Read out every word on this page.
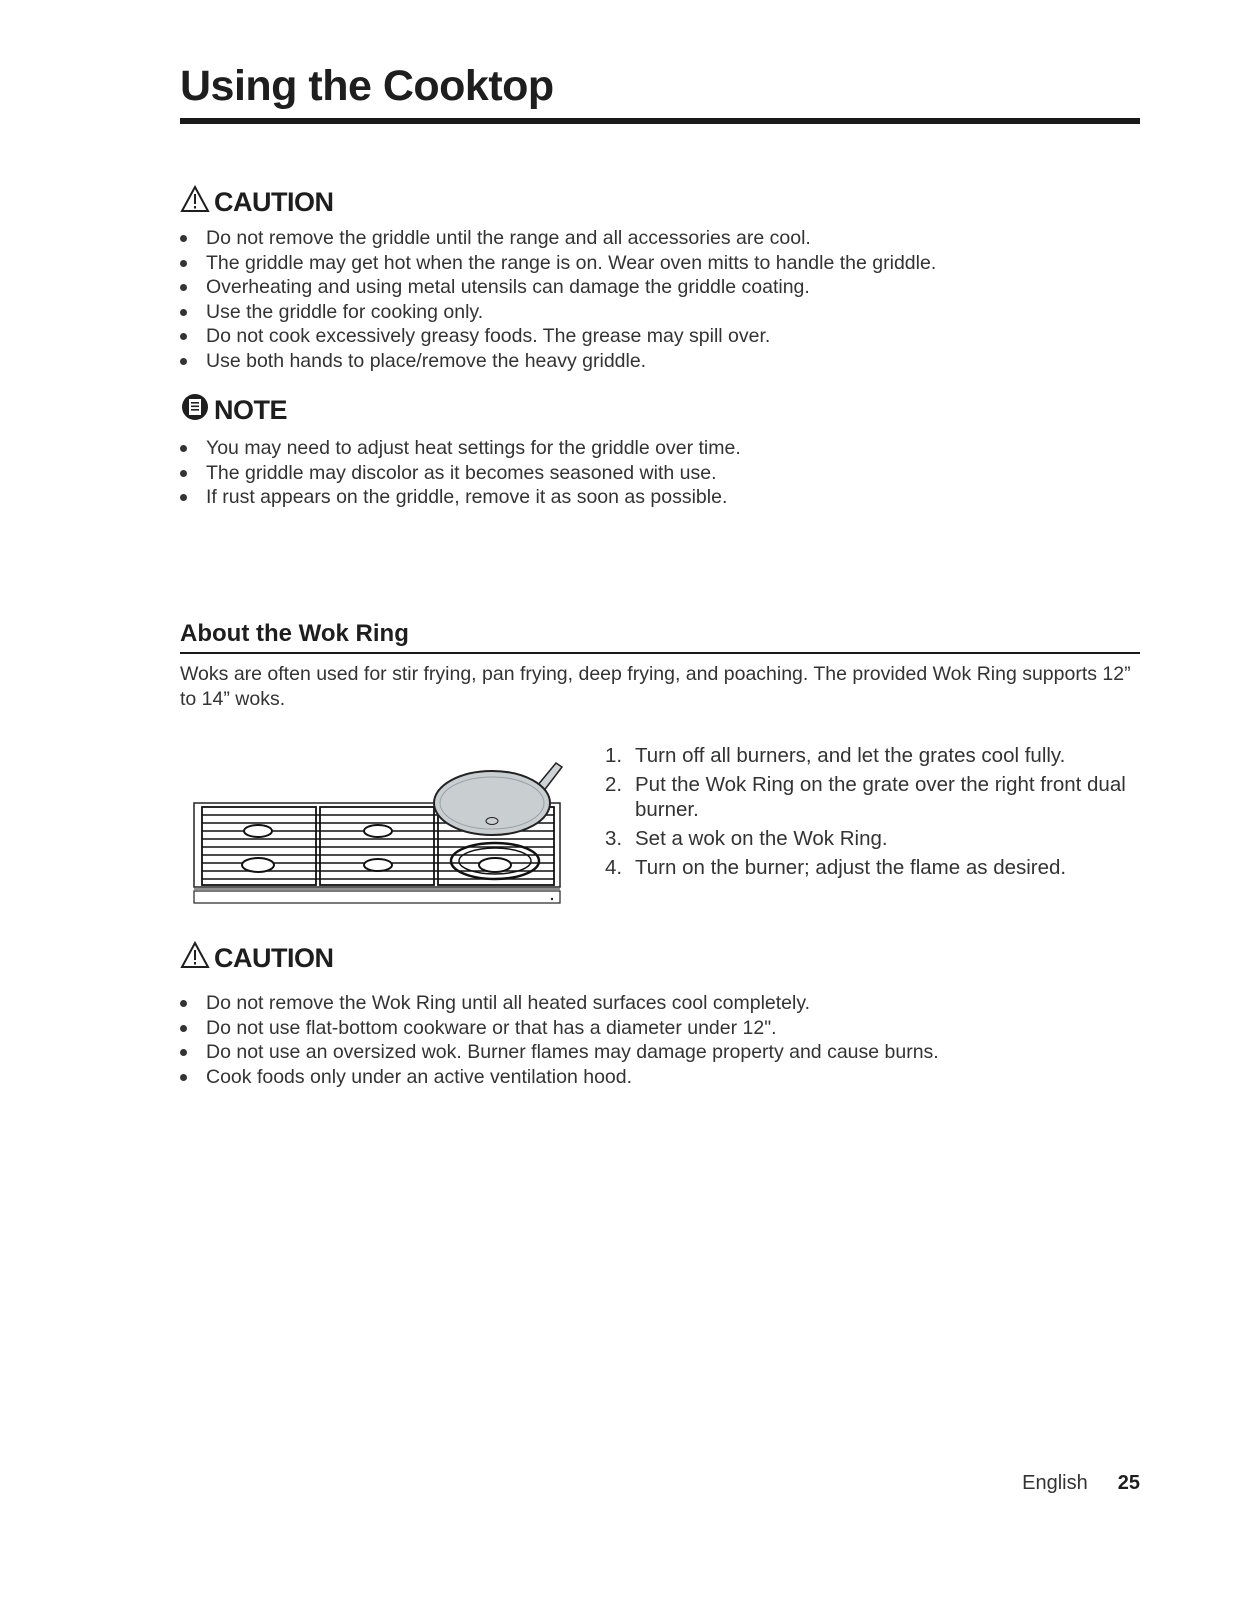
Using the Cooktop
CAUTION
Do not remove the griddle until the range and all accessories are cool.
The griddle may get hot when the range is on. Wear oven mitts to handle the griddle.
Overheating and using metal utensils can damage the griddle coating.
Use the griddle for cooking only.
Do not cook excessively greasy foods. The grease may spill over.
Use both hands to place/remove the heavy griddle.
NOTE
You may need to adjust heat settings for the griddle over time.
The griddle may discolor as it becomes seasoned with use.
If rust appears on the griddle, remove it as soon as possible.
About the Wok Ring

Woks are often used for stir frying, pan frying, deep frying, and poaching. The provided Wok Ring supports 12” to 14” woks.

1. Turn off all burners, and let the grates cool fully.
2. Put the Wok Ring on the grate over the right front dual burner.
3. Set a wok on the Wok Ring.
4. Turn on the burner; adjust the flame as desired.
CAUTION
Do not remove the Wok Ring until all heated surfaces cool completely.
Do not use flat-bottom cookware or that has a diameter under 12".
Do not use an oversized wok. Burner flames may damage property and cause burns.
Cook foods only under an active ventilation hood.
English 25
